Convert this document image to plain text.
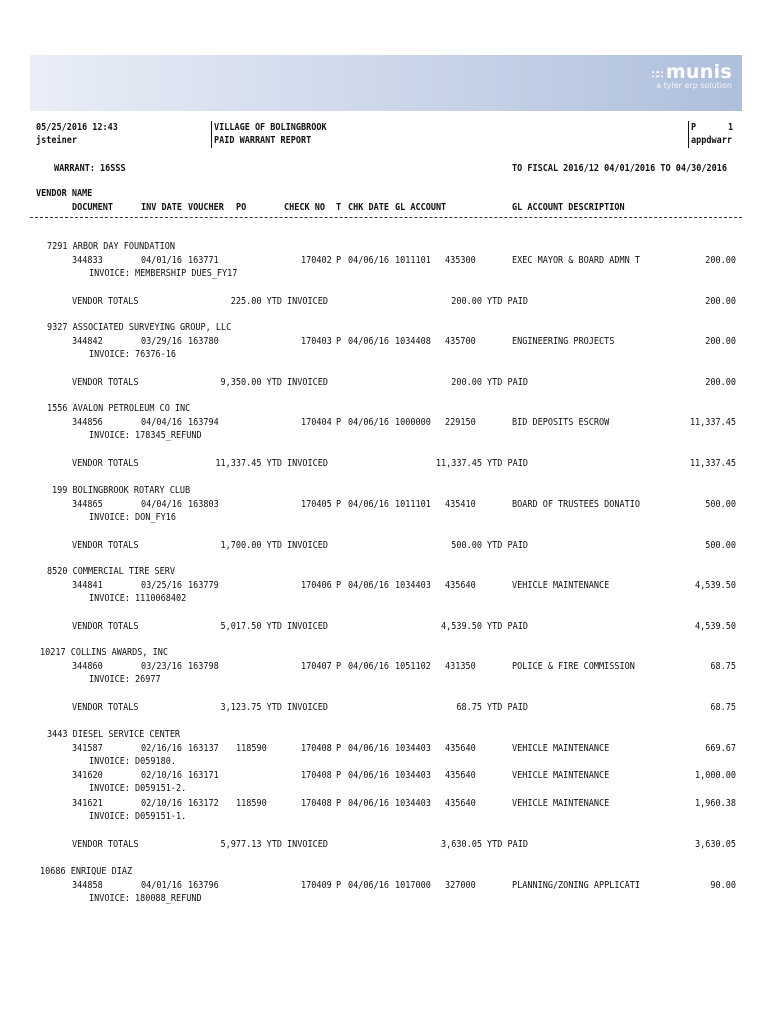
∷∷ munis
a tyler erp solution
05/25/2016 12:43
jsteiner
VILLAGE OF BOLINGBROOK
PAID WARRANT REPORT
P	1
appdwarr
WARRANT: 16SSS	TO FISCAL 2016/12 04/01/2016 TO 04/30/2016
VENDOR NAME
DOCUMENT	INV DATE VOUCHER PO	CHECK NO T CHK DATE GL ACCOUNT	GL ACCOUNT DESCRIPTION
7291 ARBOR DAY FOUNDATION
344833	04/01/16 163771	170402 P 04/06/16 1011101 435300	EXEC MAYOR & BOARD ADMN T	200.00
INVOICE: MEMBERSHIP DUES_FY17
VENDOR TOTALS	225.00 YTD INVOICED	200.00 YTD PAID	200.00
9327 ASSOCIATED SURVEYING GROUP, LLC
344842	03/29/16 163780	170403 P 04/06/16 1034408 435700	ENGINEERING PROJECTS	200.00
INVOICE: 76376-16
VENDOR TOTALS	9,350.00 YTD INVOICED	200.00 YTD PAID	200.00
1556 AVALON PETROLEUM CO INC
344856	04/04/16 163794	170404 P 04/06/16 1000000 229150	BID DEPOSITS ESCROW	11,337.45
INVOICE: 178345_REFUND
VENDOR TOTALS	11,337.45 YTD INVOICED	11,337.45 YTD PAID	11,337.45
199 BOLINGBROOK ROTARY CLUB
344865	04/04/16 163803	170405 P 04/06/16 1011101 435410	BOARD OF TRUSTEES DONATIO	500.00
INVOICE: DON_FY16
VENDOR TOTALS	1,700.00 YTD INVOICED	500.00 YTD PAID	500.00
8520 COMMERCIAL TIRE SERV
344841	03/25/16 163779	170406 P 04/06/16 1034403 435640	VEHICLE MAINTENANCE	4,539.50
INVOICE: 1110068402
VENDOR TOTALS	5,017.50 YTD INVOICED	4,539.50 YTD PAID	4,539.50
10217 COLLINS AWARDS, INC
344860	03/23/16 163798	170407 P 04/06/16 1051102 431350	POLICE & FIRE COMMISSION	68.75
INVOICE: 26977
VENDOR TOTALS	3,123.75 YTD INVOICED	68.75 YTD PAID	68.75
3443 DIESEL SERVICE CENTER
341587	02/16/16 163137 118590	170408 P 04/06/16 1034403 435640	VEHICLE MAINTENANCE	669.67
INVOICE: D059180.
341620	02/10/16 163171	170408 P 04/06/16 1034403 435640	VEHICLE MAINTENANCE	1,000.00
INVOICE: D059151-2.
341621	02/10/16 163172 118590	170408 P 04/06/16 1034403 435640	VEHICLE MAINTENANCE	1,960.38
INVOICE: D059151-1.
VENDOR TOTALS	5,977.13 YTD INVOICED	3,630.05 YTD PAID	3,630.05
10686 ENRIQUE DIAZ
344858	04/01/16 163796	170409 P 04/06/16 1017000 327000	PLANNING/ZONING APPLICATI	90.00
INVOICE: 180088_REFUND
